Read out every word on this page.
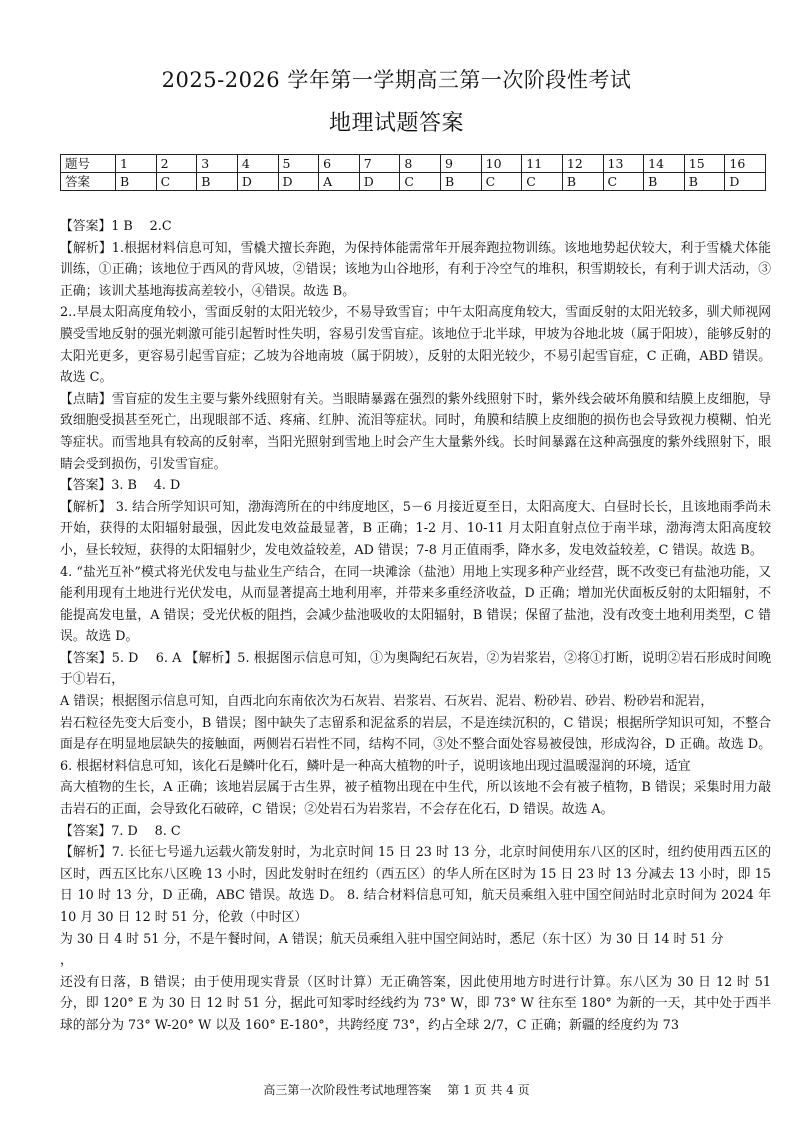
2025-2026 学年第一学期高三第一次阶段性考试
地理试题答案
题号	1	2	3	4	5	6	7	8	9	10	11	12	13	14	15	16
答案	B	C	B	D	D	A	D	C	B	C	C	B	C	B	B	D

【答案】1 B　 2.C

【解析】1.根据材料信息可知，雪橇犬擅长奔跑，为保持体能需常年开展奔跑拉物训练。该地地势起伏较大，利于雪橇犬体能训练，①正确；该地位于西风的背风坡，②错误；该地为山谷地形，有利于冷空气的堆积，积雪期较长，有利于训犬活动，③正确；该训犬基地海拔高差较小，④错误。故选 B。

2..早晨太阳高度角较小，雪面反射的太阳光较少，不易导致雪盲；中午太阳高度角较大，雪面反射的太阳光较多，驯犬师视网膜受雪地反射的强光刺激可能引起暂时性失明，容易引发雪盲症。该地位于北半球，甲坡为谷地北坡（属于阳坡），能够反射的太阳光更多，更容易引起雪盲症；乙坡为谷地南坡（属于阴坡），反射的太阳光较少，不易引起雪盲症，C 正确，ABD 错误。故选 C。

【点睛】雪盲症的发生主要与紫外线照射有关。当眼睛暴露在强烈的紫外线照射下时，紫外线会破坏角膜和结膜上皮细胞，导致细胞受损甚至死亡，出现眼部不适、疼痛、红肿、流泪等症状。同时，角膜和结膜上皮细胞的损伤也会导致视力模糊、怕光等症状。而雪地具有较高的反射率，当阳光照射到雪地上时会产生大量紫外线。长时间暴露在这种高强度的紫外线照射下，眼睛会受到损伤，引发雪盲症。

【答案】3. B　 4. D

【解析】 3. 结合所学知识可知，渤海湾所在的中纬度地区，5－6 月接近夏至日，太阳高度大、白昼时长长，且该地雨季尚未开始，获得的太阳辐射最强，因此发电效益最显著，B 正确；1-2 月、10-11 月太阳直射点位于南半球，渤海湾太阳高度较小，昼长较短，获得的太阳辐射少，发电效益较差，AD 错误；7-8 月正值雨季，降水多，发电效益较差，C 错误。故选 B。

4. “盐光互补”模式将光伏发电与盐业生产结合，在同一块滩涂（盐池）用地上实现多种产业经营，既不改变已有盐池功能，又能利用现有土地进行光伏发电，从而显著提高土地利用率，并带来多重经济收益，D 正确；增加光伏面板反射的太阳辐射，不能提高发电量，A 错误；受光伏板的阻挡，会减少盐池吸收的太阳辐射，B 错误；保留了盐池，没有改变土地利用类型，C 错误。故选 D。

【答案】5. D　 6. A 【解析】5. 根据图示信息可知，①为奥陶纪石灰岩，②为岩浆岩，②将①打断，说明②岩石形成时间晚于①岩石，

A 错误；根据图示信息可知，自西北向东南依次为石灰岩、岩浆岩、石灰岩、泥岩、粉砂岩、砂岩、粉砂岩和泥岩，

岩石粒径先变大后变小，B 错误；图中缺失了志留系和泥盆系的岩层，不是连续沉积的，C 错误；根据所学知识可知，不整合面是存在明显地层缺失的接触面，两侧岩石岩性不同，结构不同，③处不整合面处容易被侵蚀，形成沟谷，D 正确。故选 D。 6. 根据材料信息可知，该化石是鳞叶化石，鳞叶是一种高大植物的叶子，说明该地出现过温暖湿润的环境，适宜

高大植物的生长，A 正确；该地岩层属于古生界，被子植物出现在中生代，所以该地不会有被子植物，B 错误；采集时用力敲击岩石的正面，会导致化石破碎，C 错误；②处岩石为岩浆岩，不会存在化石，D 错误。故选 A。

【答案】7. D　 8. C

【解析】7. 长征七号遥九运载火箭发射时，为北京时间 15 日 23 时 13 分，北京时间使用东八区的区时，纽约使用西五区的区时，西五区比东八区晚 13 小时，因此发射时在纽约（西五区）的华人所在区时为 15 日 23 时 13 分减去 13 小时，即 15 日 10 时 13 分，D 正确，ABC 错误。故选 D。 8. 结合材料信息可知，航天员乘组入驻中国空间站时北京时间为 2024 年 10 月 30 日 12 时 51 分，伦敦（中时区）

为 30 日 4 时 51 分，不是午餐时间，A 错误；航天员乘组入驻中国空间站时，悉尼（东十区）为 30 日 14 时 51 分

，

还没有日落，B 错误；由于使用现实背景（区时计算）无正确答案，因此使用地方时进行计算。东八区为 30 日 12 时 51 分，即 120° E 为 30 日 12 时 51 分，据此可知零时经线约为 73° W，即 73° W 往东至 180° 为新的一天，其中处于西半球的部分为 73° W-20° W 以及 160° E-180°，共跨经度 73°，约占全球 2/7，C 正确；新疆的经度约为 73

高三第一次阶段性考试地理答案 第 1 页 共 4 页
